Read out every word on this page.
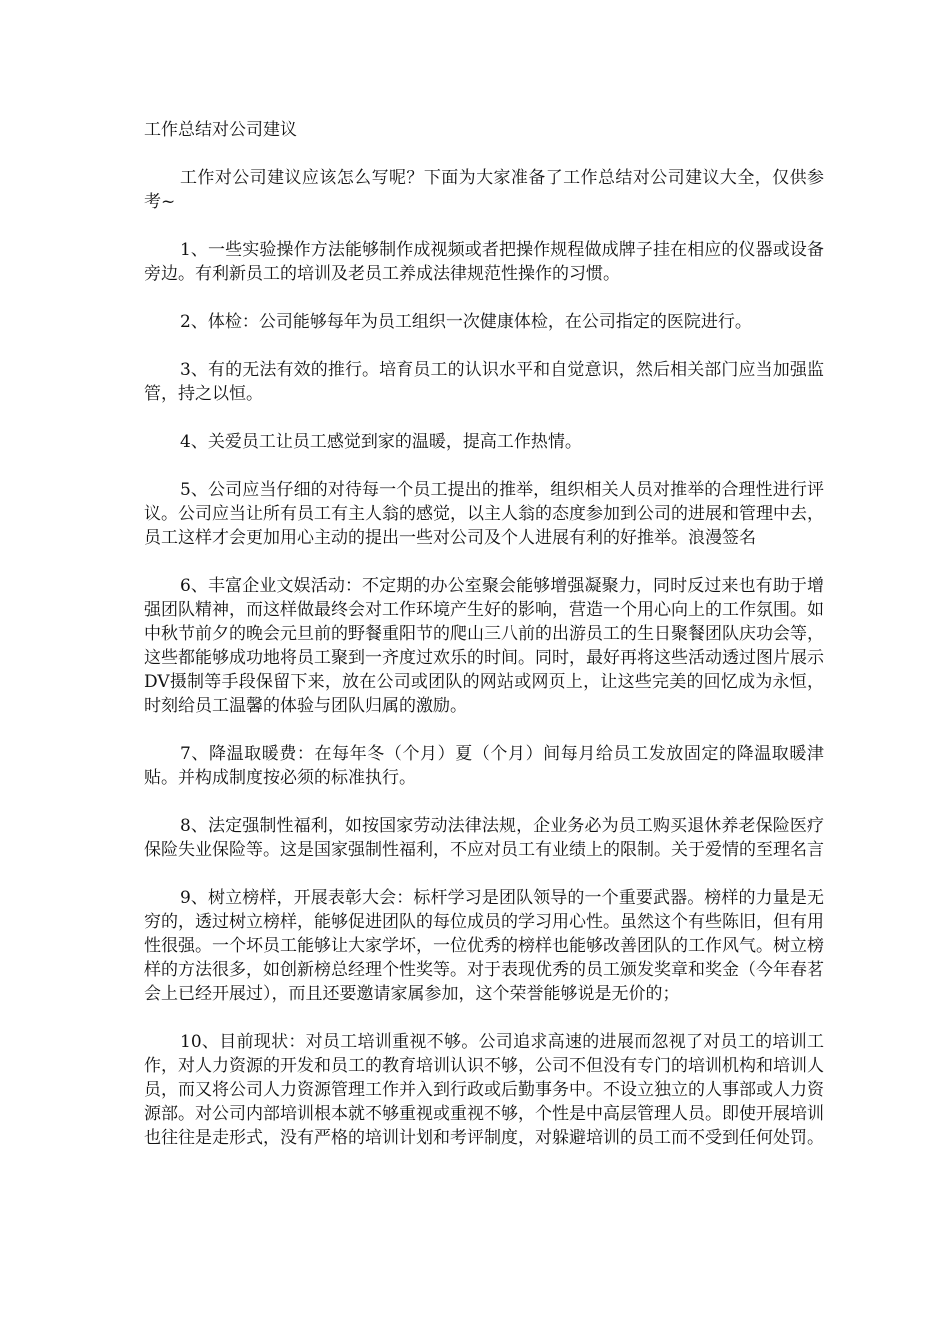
工作总结对公司建议

工作对公司建议应该怎么写呢？下面为大家准备了工作总结对公司建议大全，仅供参考~

1、一些实验操作方法能够制作成视频或者把操作规程做成牌子挂在相应的仪器或设备旁边。有利新员工的培训及老员工养成法律规范性操作的习惯。

2、体检：公司能够每年为员工组织一次健康体检，在公司指定的医院进行。

3、有的无法有效的推行。培育员工的认识水平和自觉意识，然后相关部门应当加强监管，持之以恒。

4、关爱员工让员工感觉到家的温暖，提高工作热情。

5、公司应当仔细的对待每一个员工提出的推举，组织相关人员对推举的合理性进行评议。公司应当让所有员工有主人翁的感觉，以主人翁的态度参加到公司的进展和管理中去，员工这样才会更加用心主动的提出一些对公司及个人进展有利的好推举。浪漫签名

6、丰富企业文娱活动：不定期的办公室聚会能够增强凝聚力，同时反过来也有助于增强团队精神，而这样做最终会对工作环境产生好的影响，营造一个用心向上的工作氛围。如中秋节前夕的晚会元旦前的野餐重阳节的爬山三八前的出游员工的生日聚餐团队庆功会等，这些都能够成功地将员工聚到一齐度过欢乐的时间。同时，最好再将这些活动透过图片展示DV摄制等手段保留下来，放在公司或团队的网站或网页上，让这些完美的回忆成为永恒，时刻给员工温馨的体验与团队归属的激励。

7、降温取暖费：在每年冬（个月）夏（个月）间每月给员工发放固定的降温取暖津贴。并构成制度按必须的标准执行。

8、法定强制性福利，如按国家劳动法律法规，企业务必为员工购买退休养老保险医疗保险失业保险等。这是国家强制性福利，不应对员工有业绩上的限制。关于爱情的至理名言

9、树立榜样，开展表彰大会：标杆学习是团队领导的一个重要武器。榜样的力量是无穷的，透过树立榜样，能够促进团队的每位成员的学习用心性。虽然这个有些陈旧，但有用性很强。一个坏员工能够让大家学坏，一位优秀的榜样也能够改善团队的工作风气。树立榜样的方法很多，如创新榜总经理个性奖等。对于表现优秀的员工颁发奖章和奖金（今年春茗会上已经开展过），而且还要邀请家属参加，这个荣誉能够说是无价的；

10、目前现状：对员工培训重视不够。公司追求高速的进展而忽视了对员工的培训工作，对人力资源的开发和员工的教育培训认识不够，公司不但没有专门的培训机构和培训人员，而又将公司人力资源管理工作并入到行政或后勤事务中。不设立独立的人事部或人力资源部。对公司内部培训根本就不够重视或重视不够，个性是中高层管理人员。即使开展培训也往往是走形式，没有严格的培训计划和考评制度，对躲避培训的员工而不受到任何处罚。
